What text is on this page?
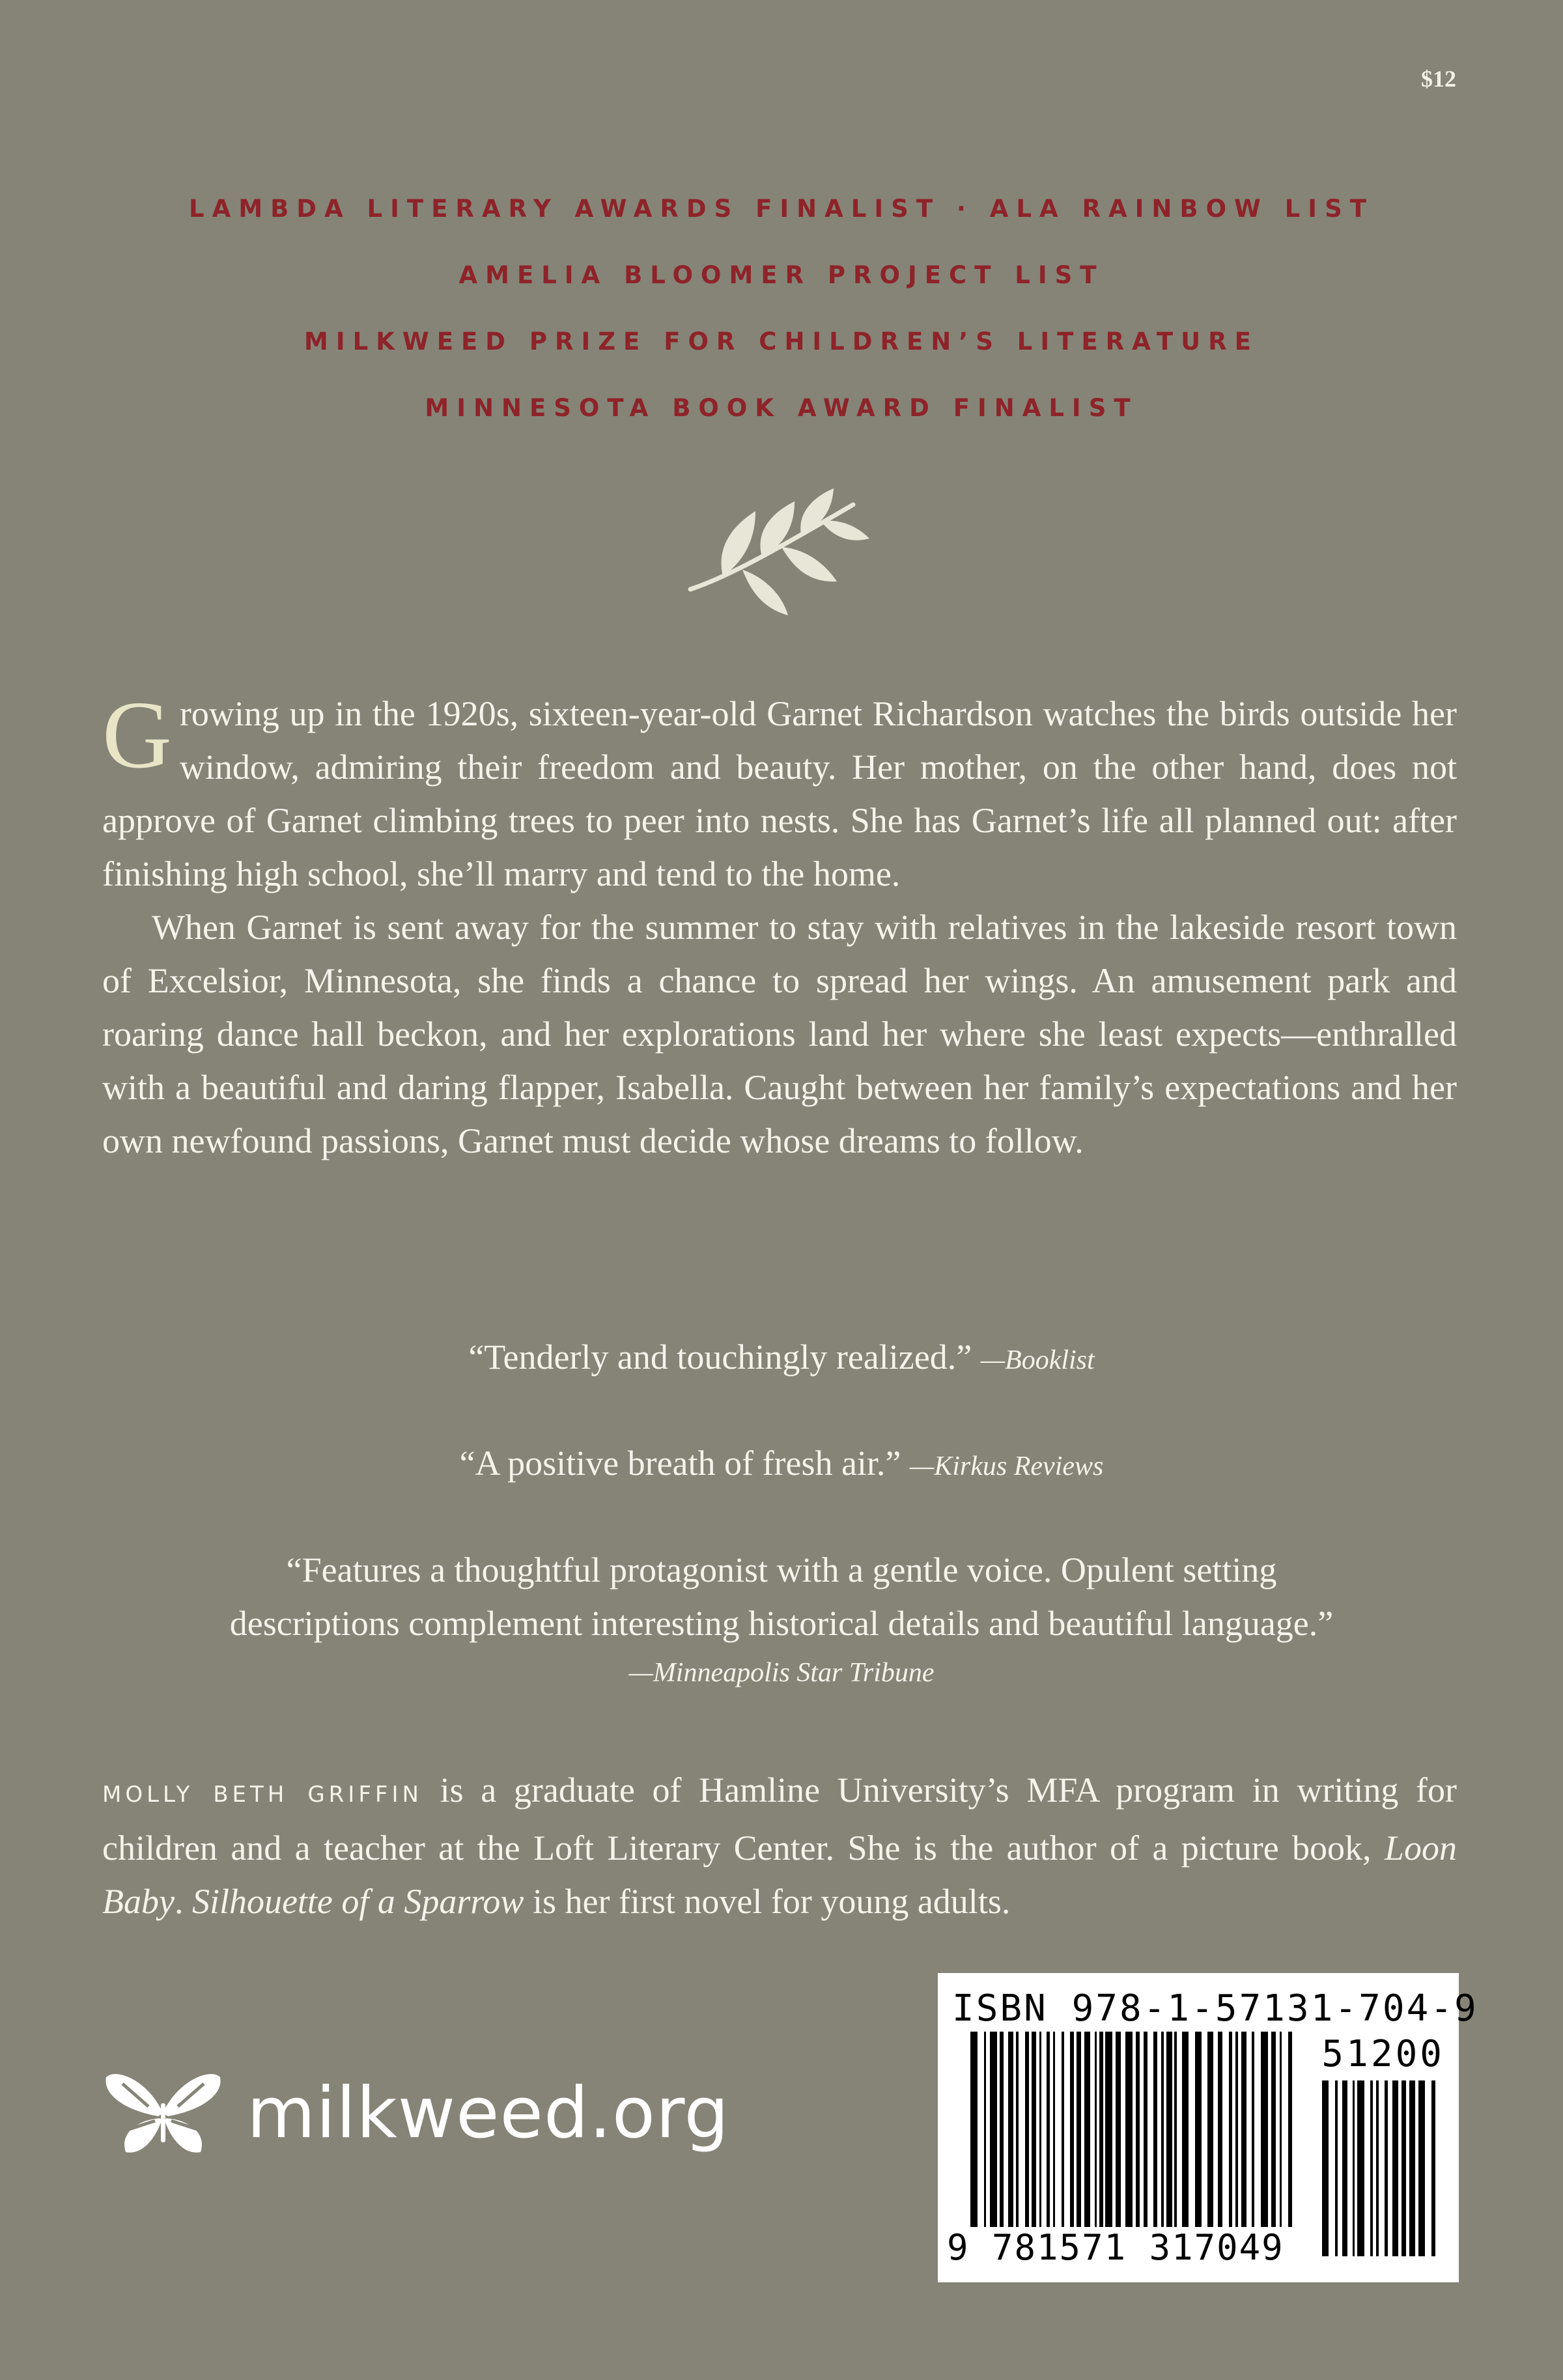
$12
LAMBDA LITERARY AWARDS FINALIST · ALA RAINBOW LIST
AMELIA BLOOMER PROJECT LIST
MILKWEED PRIZE FOR CHILDREN’S LITERATURE
MINNESOTA BOOK AWARD FINALIST

Growing up in the 1920s, sixteen-year-old Garnet Richardson watches the birds outside her window, admiring their freedom and beauty. Her mother, on the other hand, does not approve of Garnet climbing trees to peer into nests. She has Garnet’s life all planned out: after finishing high school, she’ll marry and tend to the home.

When Garnet is sent away for the summer to stay with relatives in the lakeside resort town of Excelsior, Minnesota, she finds a chance to spread her wings. An amusement park and roaring dance hall beckon, and her explorations land her where she least expects—enthralled with a beautiful and daring flapper, Isabella. Caught between her family’s expectations and her own newfound passions, Garnet must decide whose dreams to follow.

“Tenderly and touchingly realized.” —Booklist
“A positive breath of fresh air.” —Kirkus Reviews
“Features a thoughtful protagonist with a gentle voice. Opulent setting
descriptions complement interesting historical details and beautiful language.”
—Minneapolis Star Tribune
MOLLY BETH GRIFFIN is a graduate of Hamline University’s MFA program in writing for children and a teacher at the Loft Literary Center. She is the author of a picture book, Loon Baby. Silhouette of a Sparrow is her first novel for young adults.
milkweed.org
ISBN 978-1-57131-704-9
51200
9 781571 317049
